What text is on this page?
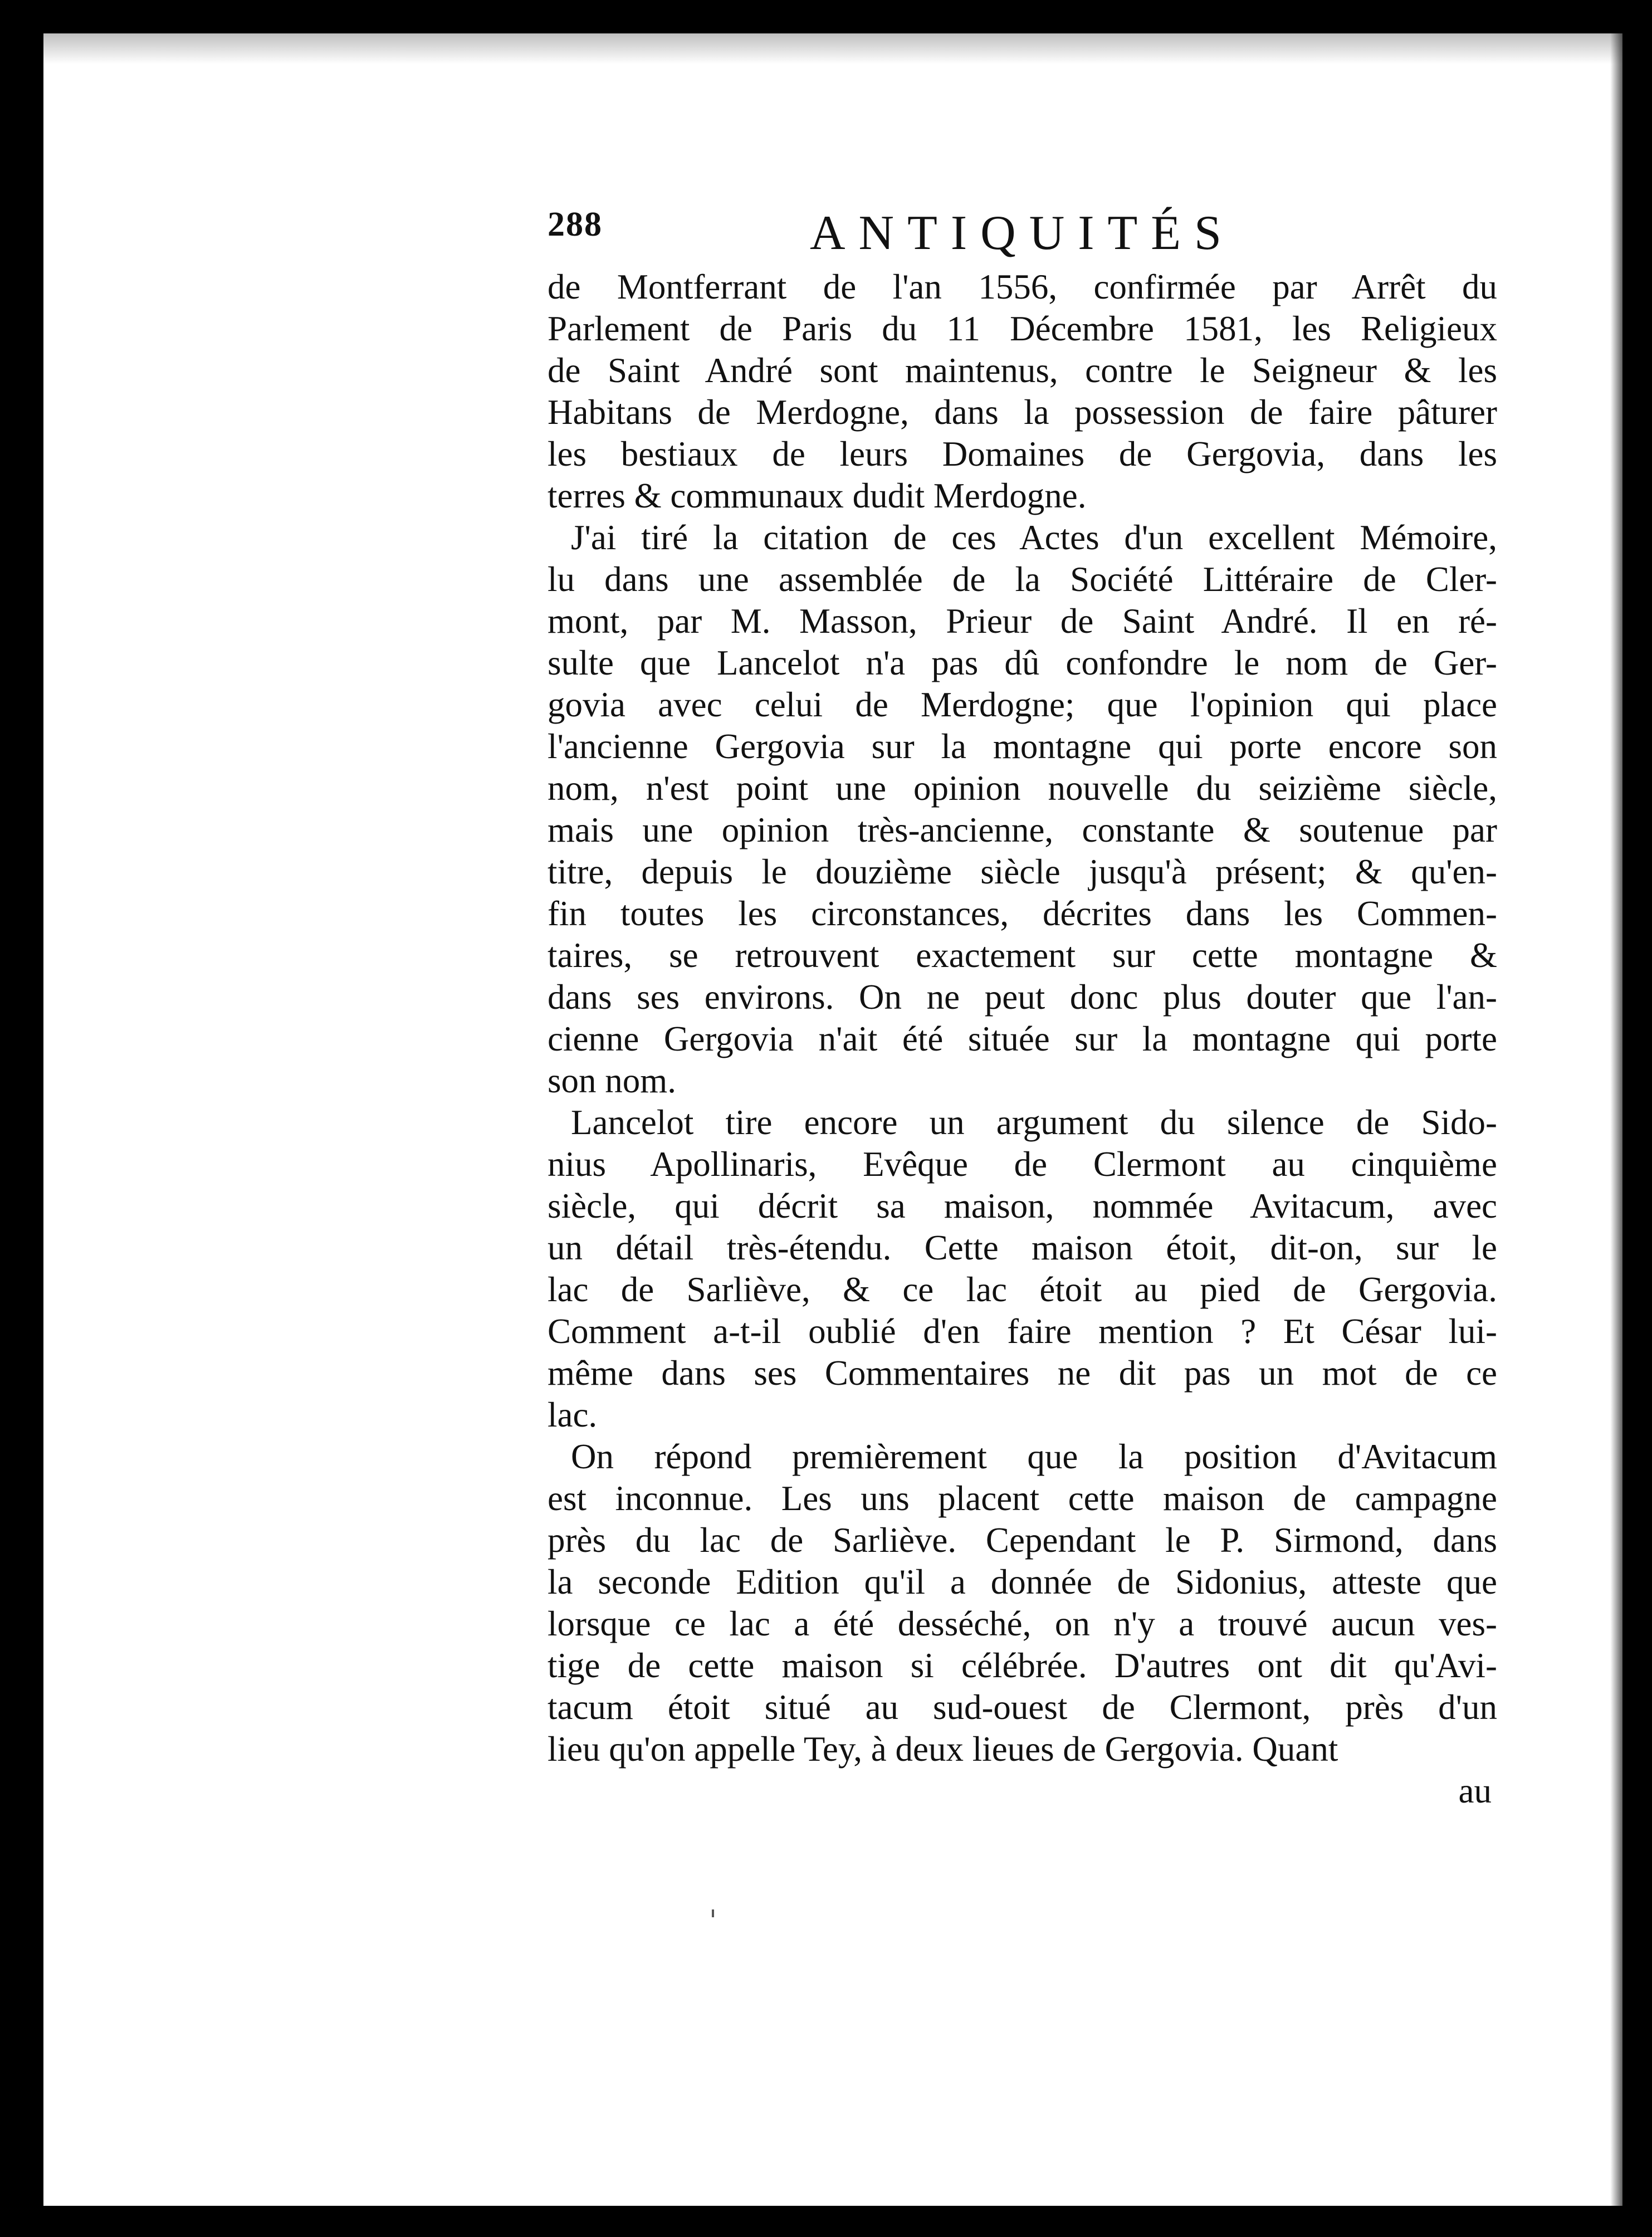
288	ANTIQUITÉS
de Montferrant de l'an 1556, confirmée par Arrêt du
Parlement de Paris du 11 Décembre 1581, les Religieux
de Saint André sont maintenus, contre le Seigneur & les
Habitans de Merdogne, dans la possession de faire pâturer
les bestiaux de leurs Domaines de Gergovia, dans les
terres & communaux dudit Merdogne.
J'ai tiré la citation de ces Actes d'un excellent Mémoire,
lu dans une assemblée de la Société Littéraire de Cler-
mont, par M. Masson, Prieur de Saint André. Il en ré-
sulte que Lancelot n'a pas dû confondre le nom de Ger-
govia avec celui de Merdogne; que l'opinion qui place
l'ancienne Gergovia sur la montagne qui porte encore son
nom, n'est point une opinion nouvelle du seizième siècle,
mais une opinion très-ancienne, constante & soutenue par
titre, depuis le douzième siècle jusqu'à présent; & qu'en-
fin toutes les circonstances, décrites dans les Commen-
taires, se retrouvent exactement sur cette montagne &
dans ses environs. On ne peut donc plus douter que l'an-
cienne Gergovia n'ait été située sur la montagne qui porte
son nom.
Lancelot tire encore un argument du silence de Sido-
nius Apollinaris, Evêque de Clermont au cinquième
siècle, qui décrit sa maison, nommée Avitacum, avec
un détail très-étendu. Cette maison étoit, dit-on, sur le
lac de Sarliève, & ce lac étoit au pied de Gergovia.
Comment a-t-il oublié d'en faire mention ? Et César lui-
même dans ses Commentaires ne dit pas un mot de ce
lac.
On répond premièrement que la position d'Avitacum
est inconnue. Les uns placent cette maison de campagne
près du lac de Sarliève. Cependant le P. Sirmond, dans
la seconde Edition qu'il a donnée de Sidonius, atteste que
lorsque ce lac a été desséché, on n'y a trouvé aucun ves-
tige de cette maison si célébrée. D'autres ont dit qu'Avi-
tacum étoit situé au sud-ouest de Clermont, près d'un
lieu qu'on appelle Tey, à deux lieues de Gergovia. Quant
au
